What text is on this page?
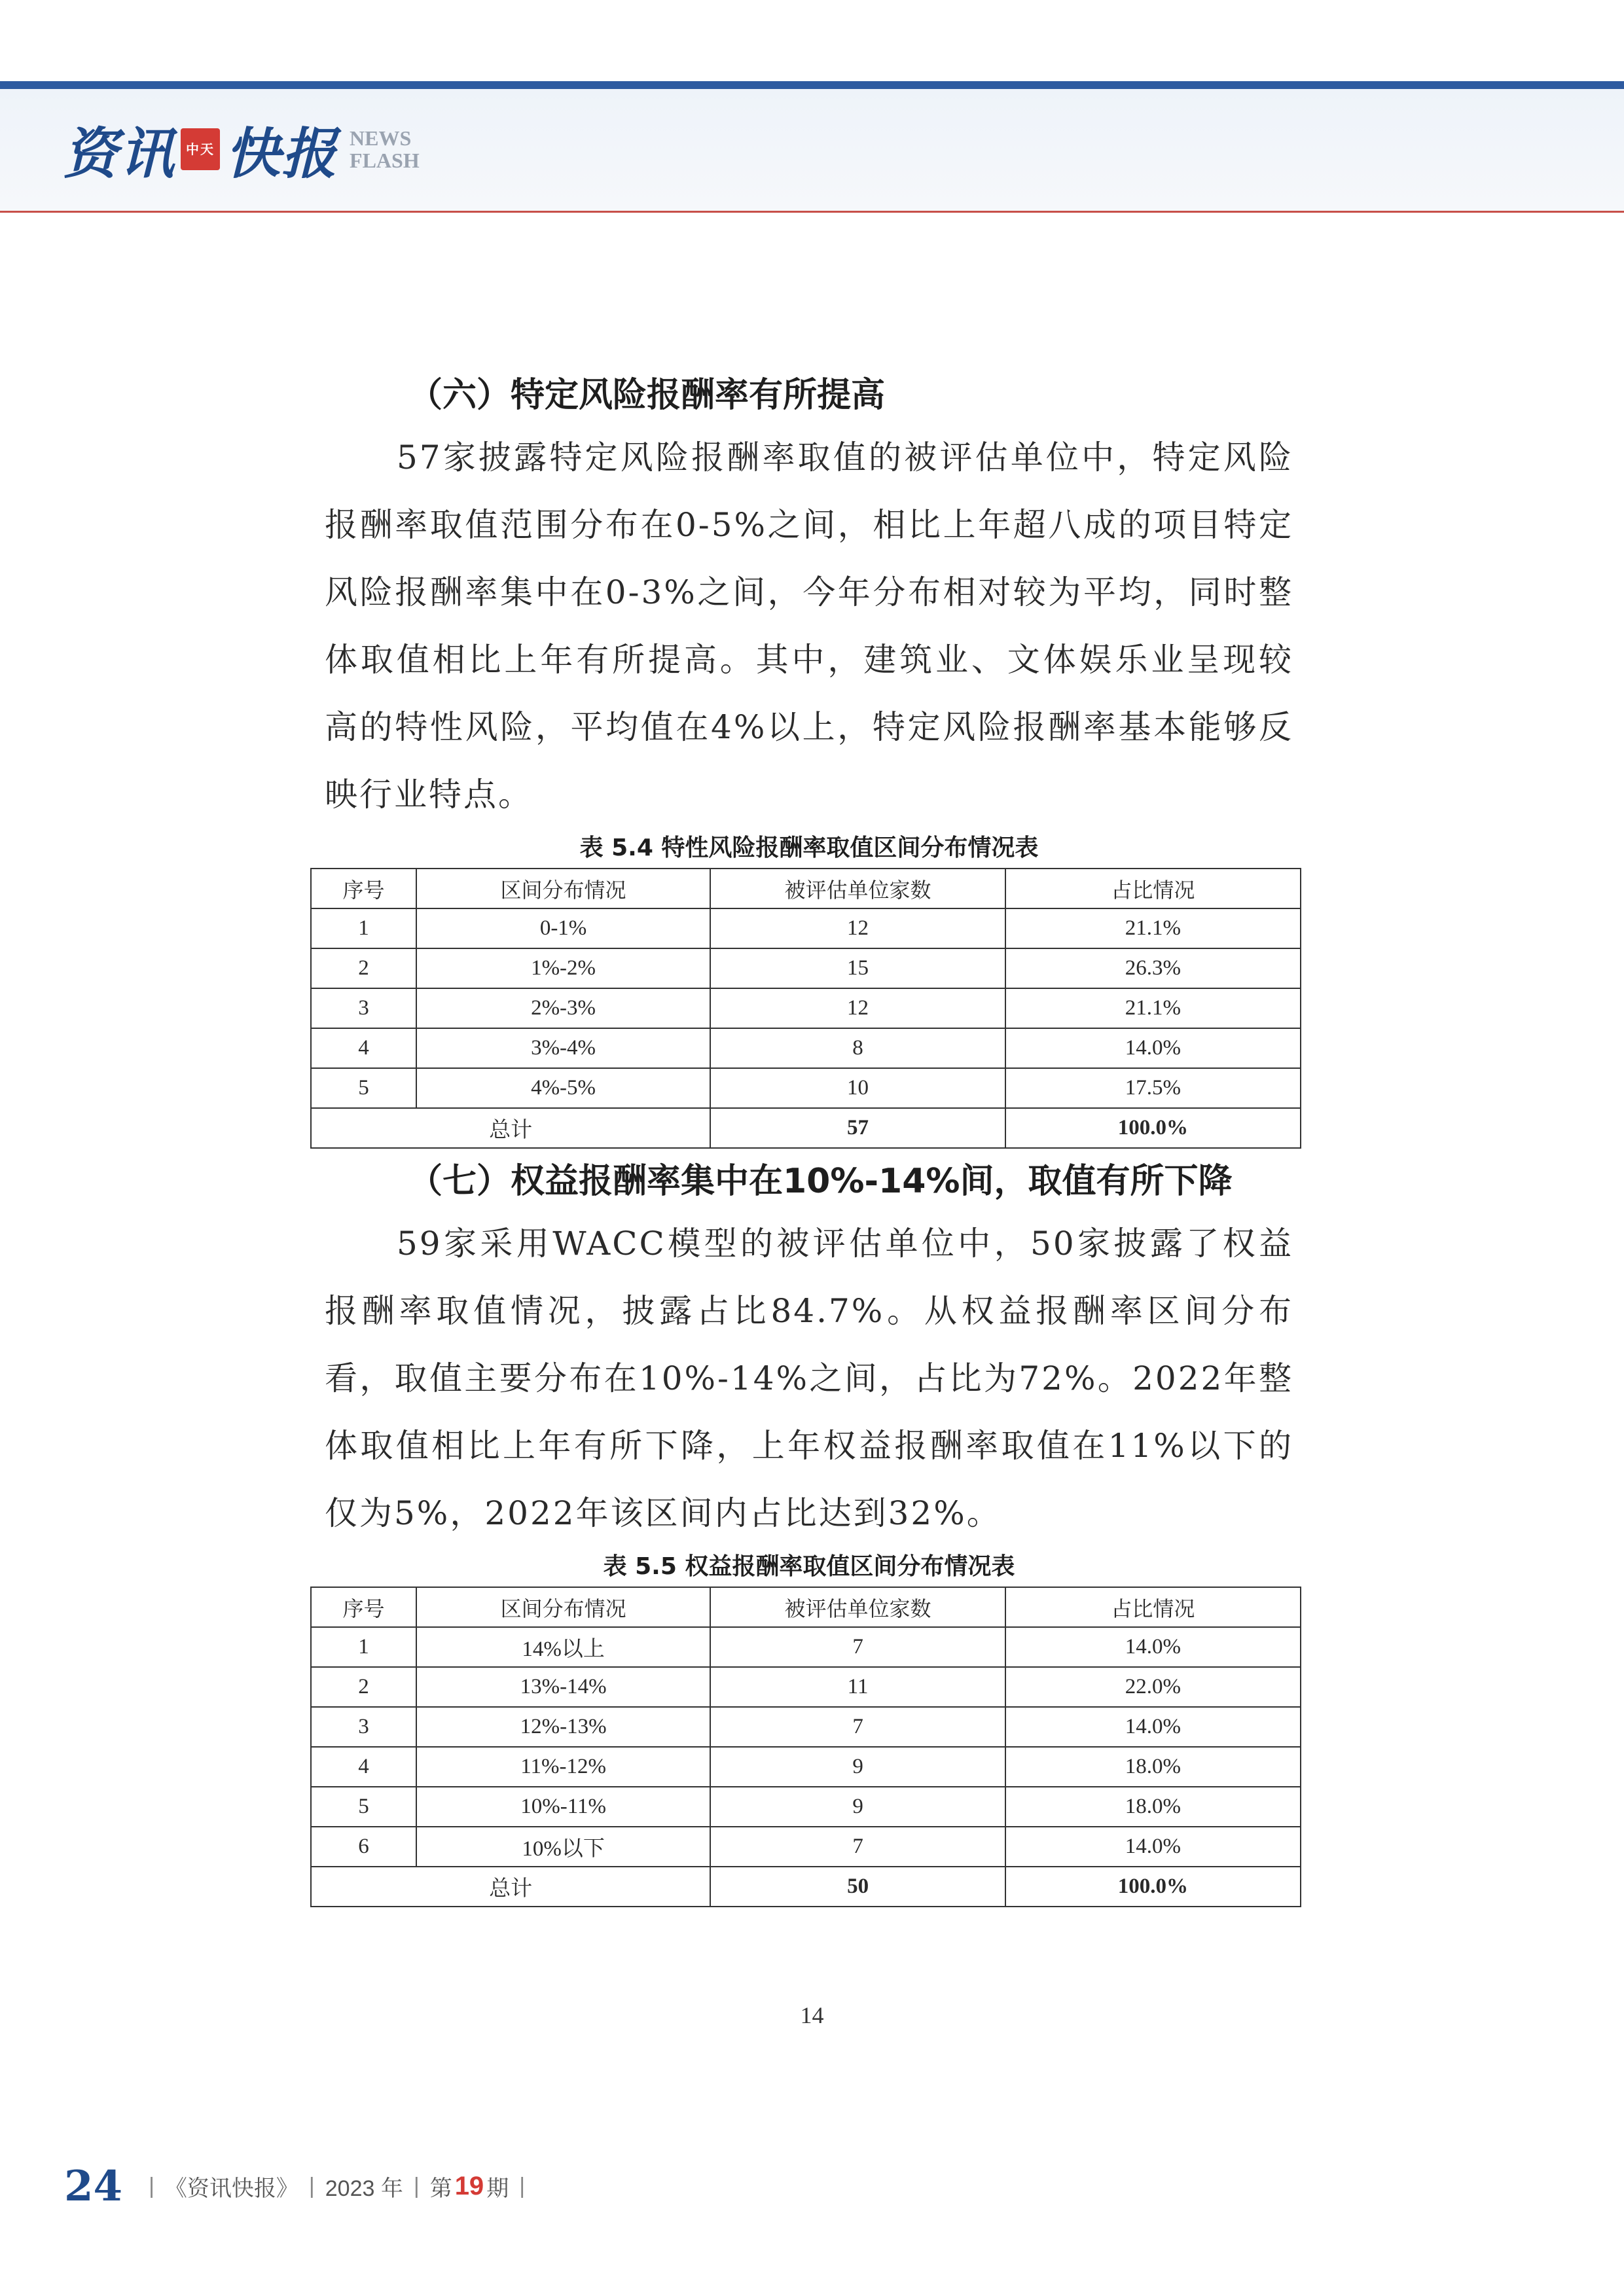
资讯 中天 快报 NEWS
FLASH
（六）特定风险报酬率有所提高

57家披露特定风险报酬率取值的被评估单位中，特定风险报酬率取值范围分布在0-5%之间，相比上年超八成的项目特定风险报酬率集中在0-3%之间，今年分布相对较为平均，同时整体取值相比上年有所提高。其中，建筑业、文体娱乐业呈现较高的特性风险，平均值在4%以上，特定风险报酬率基本能够反映行业特点。

表 5.4 特性风险报酬率取值区间分布情况表
序号	区间分布情况	被评估单位家数	占比情况
1	0-1%	12	21.1%
2	1%-2%	15	26.3%
3	2%-3%	12	21.1%
4	3%-4%	8	14.0%
5	4%-5%	10	17.5%
总计		57	100.0%
（七）权益报酬率集中在10%-14%间，取值有所下降

59家采用WACC模型的被评估单位中，50家披露了权益报酬率取值情况，披露占比84.7%。从权益报酬率区间分布看，取值主要分布在10%-14%之间，占比为72%。2022年整体取值相比上年有所下降，上年权益报酬率取值在11%以下的仅为5%，2022年该区间内占比达到32%。

表 5.5 权益报酬率取值区间分布情况表
序号	区间分布情况	被评估单位家数	占比情况
1	14%以上	7	14.0%
2	13%-14%	11	22.0%
3	12%-13%	7	14.0%
4	11%-12%	9	18.0%
5	10%-11%	9	18.0%
6	10%以下	7	14.0%
总计		50	100.0%
14
24 | 《资讯快报》 | 2023 年 | 第 19 期 |
